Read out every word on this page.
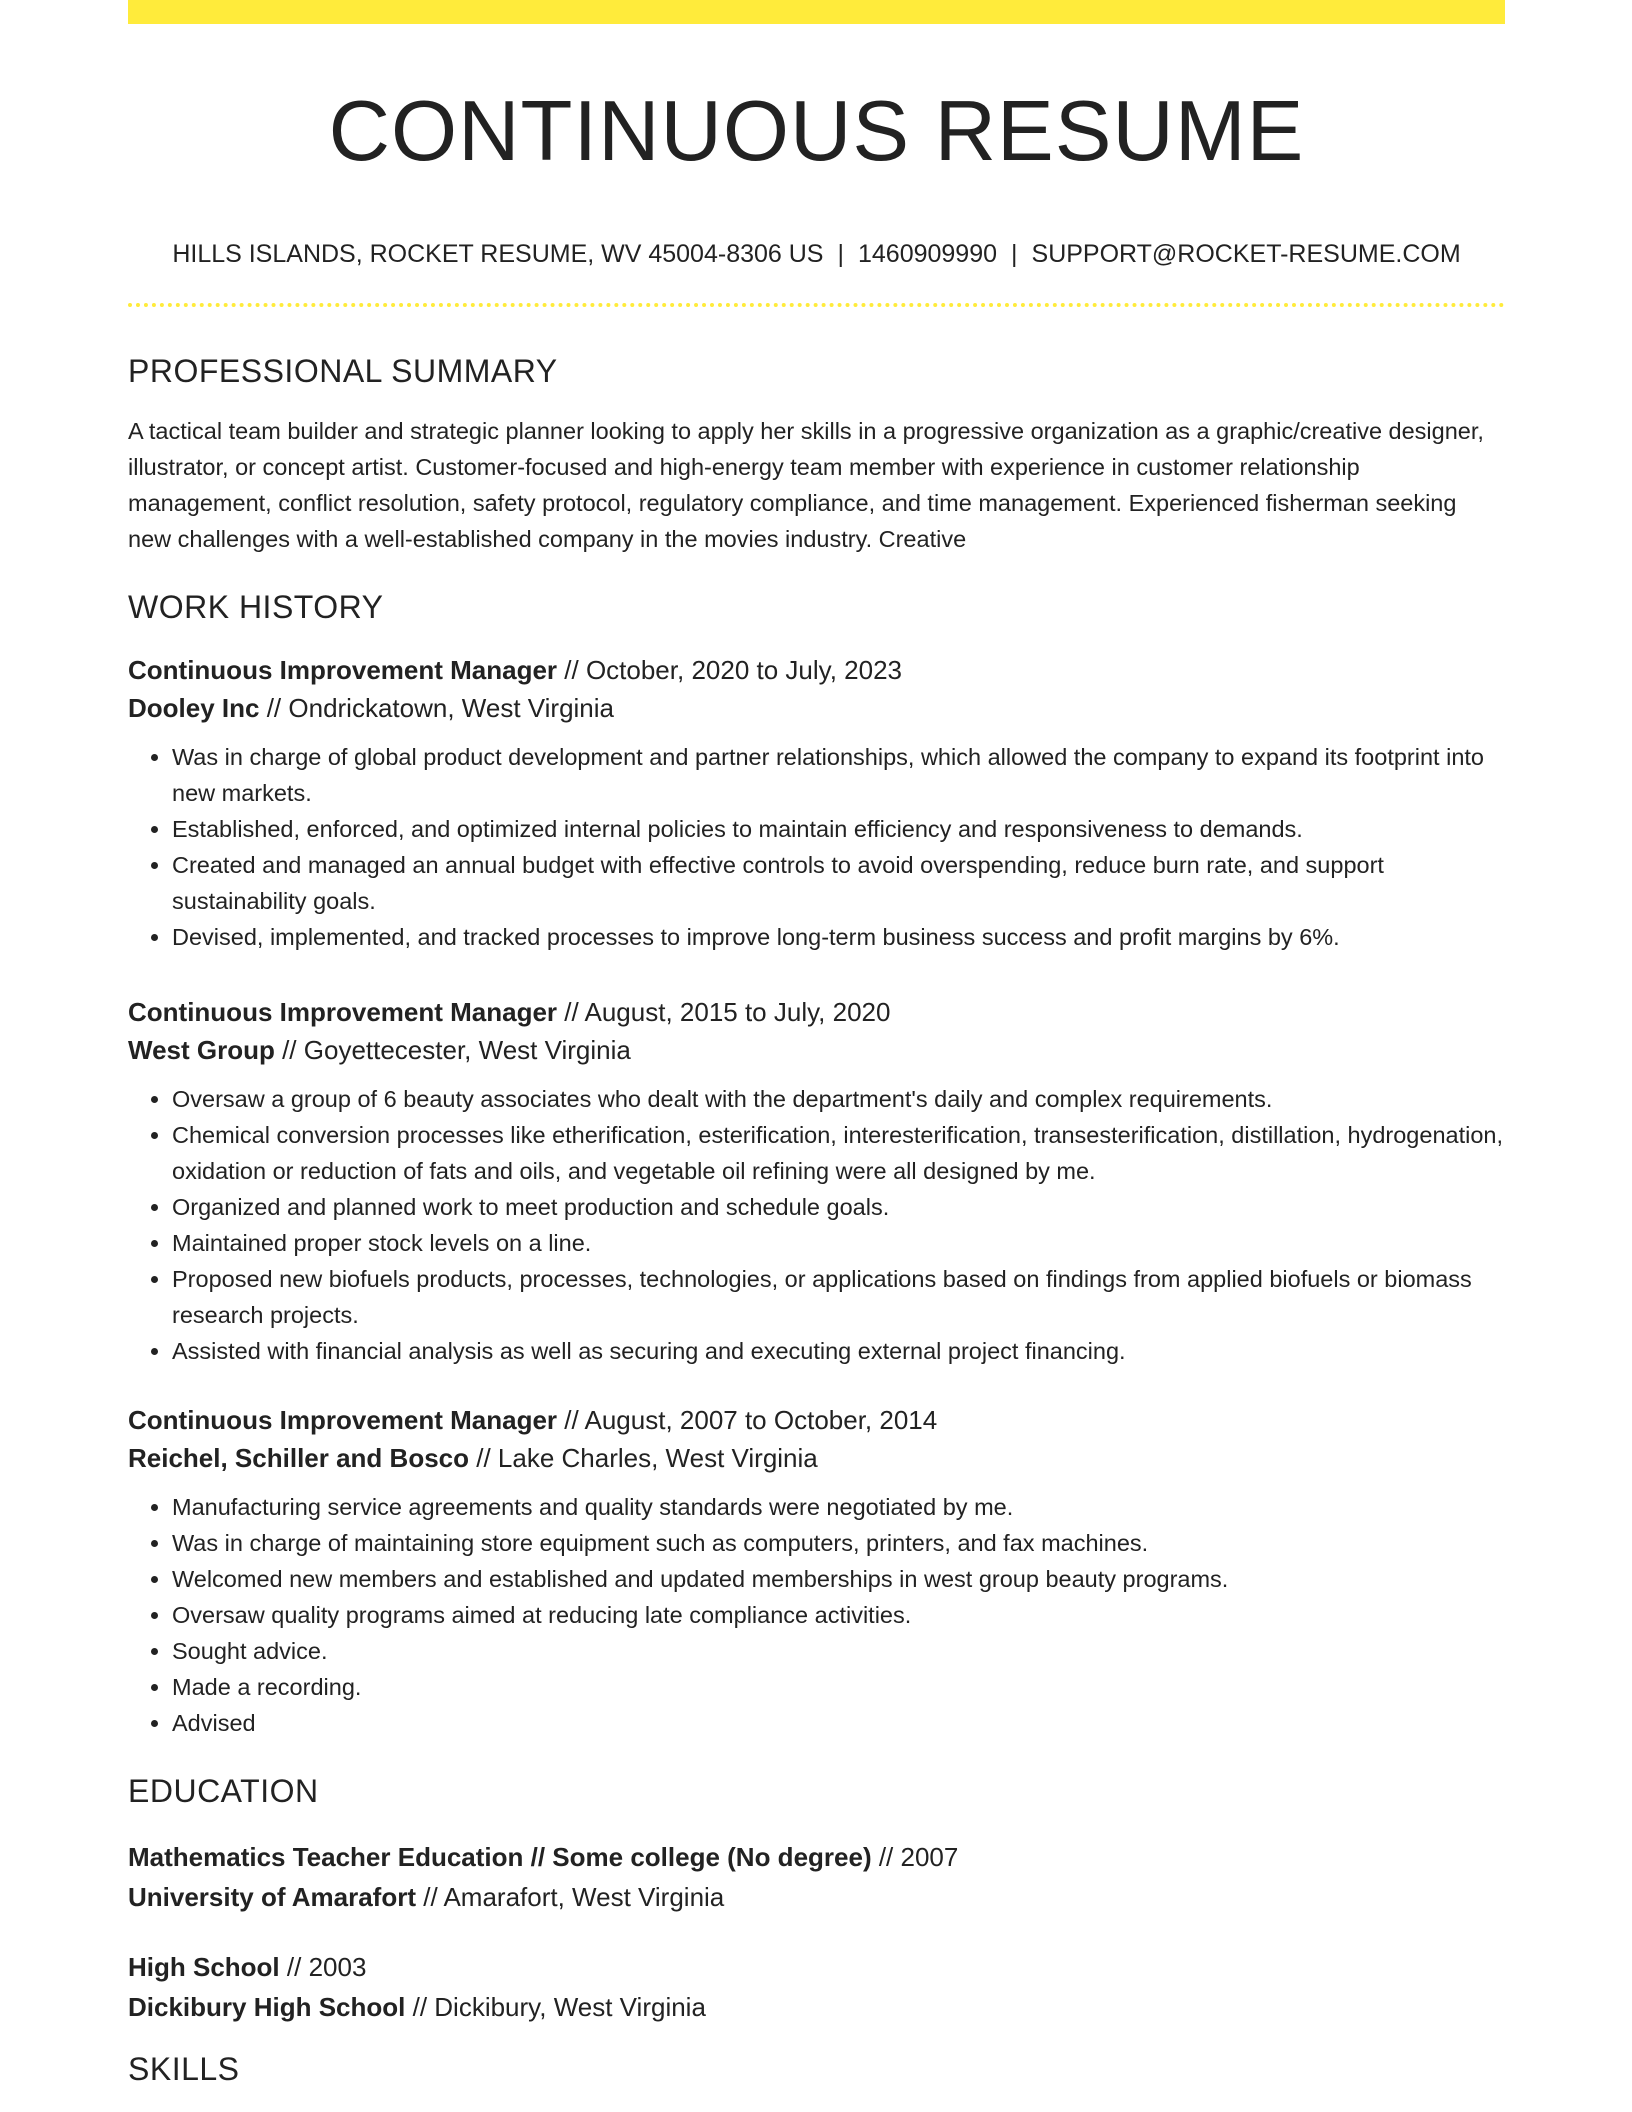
CONTINUOUS RESUME
HILLS ISLANDS, ROCKET RESUME, WV 45004-8306 US | 1460909990 | SUPPORT@ROCKET-RESUME.COM
PROFESSIONAL SUMMARY
A tactical team builder and strategic planner looking to apply her skills in a progressive organization as a graphic/creative designer, illustrator, or concept artist. Customer-focused and high-energy team member with experience in customer relationship management, conflict resolution, safety protocol, regulatory compliance, and time management. Experienced fisherman seeking new challenges with a well-established company in the movies industry. Creative
WORK HISTORY
Continuous Improvement Manager // October, 2020 to July, 2023
Dooley Inc // Ondrickatown, West Virginia
• Was in charge of global product development and partner relationships, which allowed the company to expand its footprint into new markets.
• Established, enforced, and optimized internal policies to maintain efficiency and responsiveness to demands.
• Created and managed an annual budget with effective controls to avoid overspending, reduce burn rate, and support sustainability goals.
• Devised, implemented, and tracked processes to improve long-term business success and profit margins by 6%.
Continuous Improvement Manager // August, 2015 to July, 2020
West Group // Goyettecester, West Virginia
• Oversaw a group of 6 beauty associates who dealt with the department's daily and complex requirements.
• Chemical conversion processes like etherification, esterification, interesterification, transesterification, distillation, hydrogenation, oxidation or reduction of fats and oils, and vegetable oil refining were all designed by me.
• Organized and planned work to meet production and schedule goals.
• Maintained proper stock levels on a line.
• Proposed new biofuels products, processes, technologies, or applications based on findings from applied biofuels or biomass research projects.
• Assisted with financial analysis as well as securing and executing external project financing.
Continuous Improvement Manager // August, 2007 to October, 2014
Reichel, Schiller and Bosco // Lake Charles, West Virginia
• Manufacturing service agreements and quality standards were negotiated by me.
• Was in charge of maintaining store equipment such as computers, printers, and fax machines.
• Welcomed new members and established and updated memberships in west group beauty programs.
• Oversaw quality programs aimed at reducing late compliance activities.
• Sought advice.
• Made a recording.
• Advised
EDUCATION
Mathematics Teacher Education // Some college (No degree) // 2007
University of Amarafort // Amarafort, West Virginia
High School // 2003
Dickibury High School // Dickibury, West Virginia
SKILLS
